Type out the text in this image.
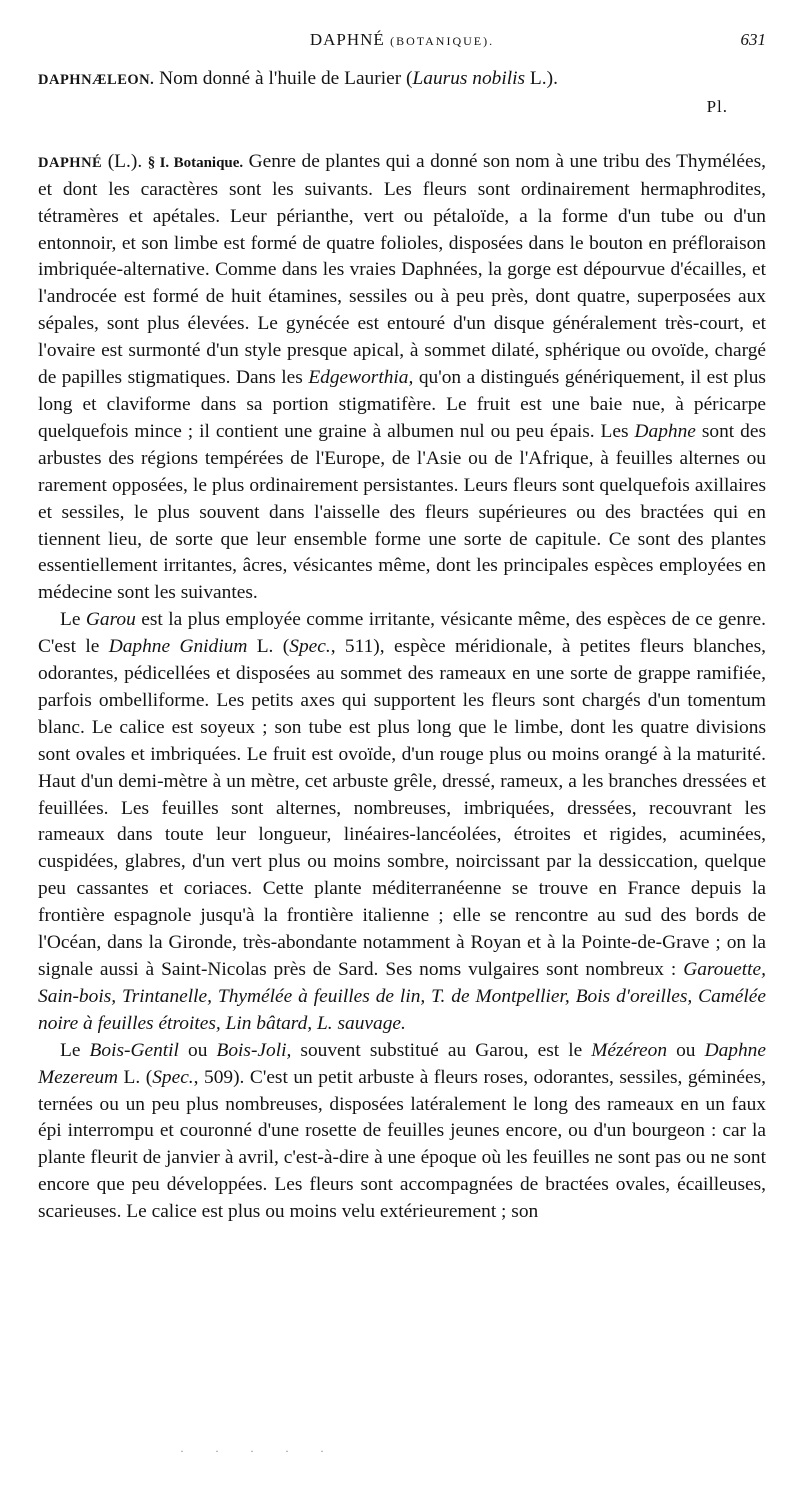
DAPHNÉ (BOTANIQUE).	631

DAPHNÆLEON. Nom donné à l'huile de Laurier (Laurus nobilis L.).

Pl.

DAPHNÉ (L.). § I. Botanique. Genre de plantes qui a donné son nom à une tribu des Thymélées, et dont les caractères sont les suivants. Les fleurs sont ordinairement hermaphrodites, tétramères et apétales. Leur périanthe, vert ou pétaloïde, a la forme d'un tube ou d'un entonnoir, et son limbe est formé de quatre folioles, disposées dans le bouton en préfloraison imbriquée-alternative. Comme dans les vraies Daphnées, la gorge est dépourvue d'écailles, et l'androcée est formé de huit étamines, sessiles ou à peu près, dont quatre, superposées aux sépales, sont plus élevées. Le gynécée est entouré d'un disque généralement très-court, et l'ovaire est surmonté d'un style presque apical, à sommet dilaté, sphérique ou ovoïde, chargé de papilles stigmatiques. Dans les Edgeworthia, qu'on a distingués génériquement, il est plus long et claviforme dans sa portion stigmatifère. Le fruit est une baie nue, à péricarpe quelquefois mince ; il contient une graine à albumen nul ou peu épais. Les Daphne sont des arbustes des régions tempérées de l'Europe, de l'Asie ou de l'Afrique, à feuilles alternes ou rarement opposées, le plus ordinairement persistantes. Leurs fleurs sont quelquefois axillaires et sessiles, le plus souvent dans l'aisselle des fleurs supérieures ou des bractées qui en tiennent lieu, de sorte que leur ensemble forme une sorte de capitule. Ce sont des plantes essentiellement irritantes, âcres, vésicantes même, dont les principales espèces employées en médecine sont les suivantes.

Le Garou est la plus employée comme irritante, vésicante même, des espèces de ce genre. C'est le Daphne Gnidium L. (Spec., 511), espèce méridionale, à petites fleurs blanches, odorantes, pédicellées et disposées au sommet des rameaux en une sorte de grappe ramifiée, parfois ombelliforme. Les petits axes qui supportent les fleurs sont chargés d'un tomentum blanc. Le calice est soyeux ; son tube est plus long que le limbe, dont les quatre divisions sont ovales et imbriquées. Le fruit est ovoïde, d'un rouge plus ou moins orangé à la maturité. Haut d'un demi-mètre à un mètre, cet arbuste grêle, dressé, rameux, a les branches dressées et feuillées. Les feuilles sont alternes, nombreuses, imbriquées, dressées, recouvrant les rameaux dans toute leur longueur, linéaires-lancéolées, étroites et rigides, acuminées, cuspidées, glabres, d'un vert plus ou moins sombre, noircissant par la dessiccation, quelque peu cassantes et coriaces. Cette plante méditerranéenne se trouve en France depuis la frontière espagnole jusqu'à la frontière italienne ; elle se rencontre au sud des bords de l'Océan, dans la Gironde, très-abondante notamment à Royan et à la Pointe-de-Grave ; on la signale aussi à Saint-Nicolas près de Sard. Ses noms vulgaires sont nombreux : Garouette, Sain-bois, Trintanelle, Thymélée à feuilles de lin, T. de Montpellier, Bois d'oreilles, Camélée noire à feuilles étroites, Lin bâtard, L. sauvage.

Le Bois-Gentil ou Bois-Joli, souvent substitué au Garou, est le Mézéreon ou Daphne Mezereum L. (Spec., 509). C'est un petit arbuste à fleurs roses, odorantes, sessiles, géminées, ternées ou un peu plus nombreuses, disposées latéralement le long des rameaux en un faux épi interrompu et couronné d'une rosette de feuilles jeunes encore, ou d'un bourgeon : car la plante fleurit de janvier à avril, c'est-à-dire à une époque où les feuilles ne sont pas ou ne sont encore que peu développées. Les fleurs sont accompagnées de bractées ovales, écailleuses, scarieuses. Le calice est plus ou moins velu extérieurement ; son

· · · · ·
